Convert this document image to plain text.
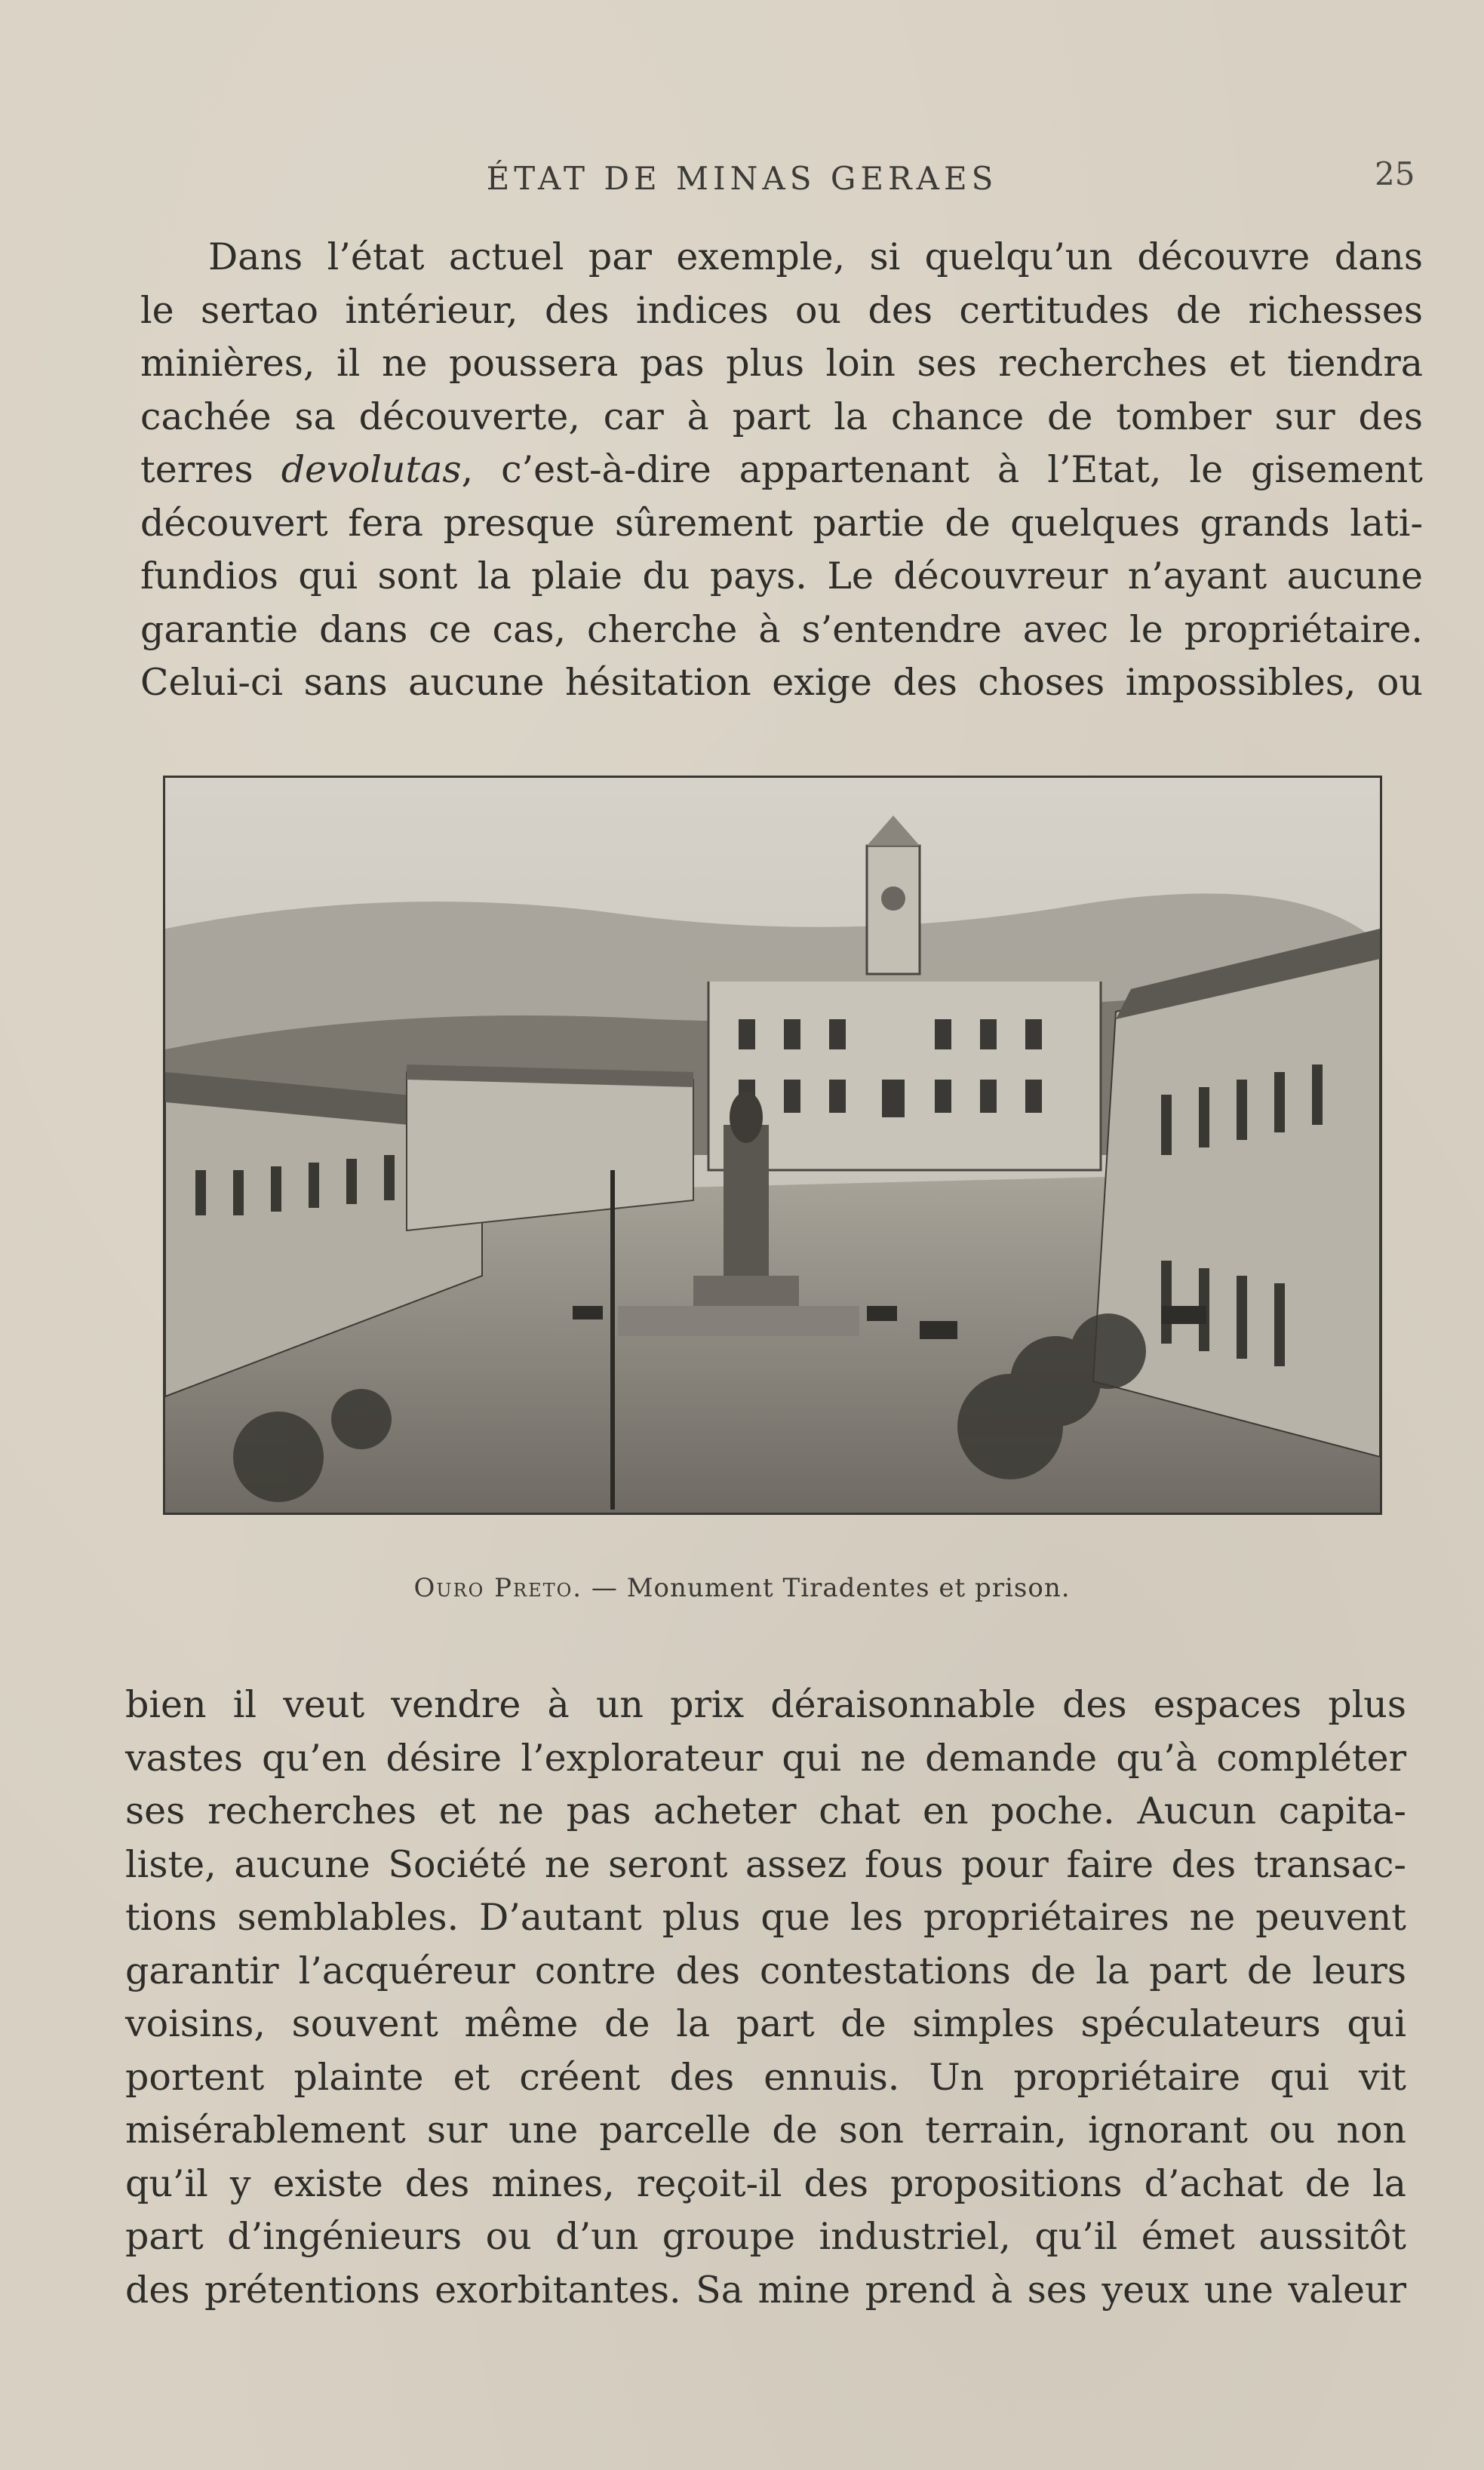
ÉTAT DE MINAS GERAES	25
Dans l’état actuel par exemple, si quelqu’un découvre dans
le sertao intérieur, des indices ou des certitudes de richesses
minières, il ne poussera pas plus loin ses recherches et tiendra
cachée sa découverte, car à part la chance de tomber sur des
terres devolutas, c’est-à-dire appartenant à l’Etat, le gisement
découvert fera presque sûrement partie de quelques grands lati-
fundios qui sont la plaie du pays. Le découvreur n’ayant aucune
garantie dans ce cas, cherche à s’entendre avec le propriétaire.
Celui-ci sans aucune hésitation exige des choses impossibles, ou
Ouro Preto. — Monument Tiradentes et prison.
bien il veut vendre à un prix déraisonnable des espaces plus
vastes qu’en désire l’explorateur qui ne demande qu’à compléter
ses recherches et ne pas acheter chat en poche. Aucun capita-
liste, aucune Société ne seront assez fous pour faire des transac-
tions semblables. D’autant plus que les propriétaires ne peuvent
garantir l’acquéreur contre des contestations de la part de leurs
voisins, souvent même de la part de simples spéculateurs qui
portent plainte et créent des ennuis. Un propriétaire qui vit
misérablement sur une parcelle de son terrain, ignorant ou non
qu’il y existe des mines, reçoit-il des propositions d’achat de la
part d’ingénieurs ou d’un groupe industriel, qu’il émet aussitôt
des prétentions exorbitantes. Sa mine prend à ses yeux une valeur
